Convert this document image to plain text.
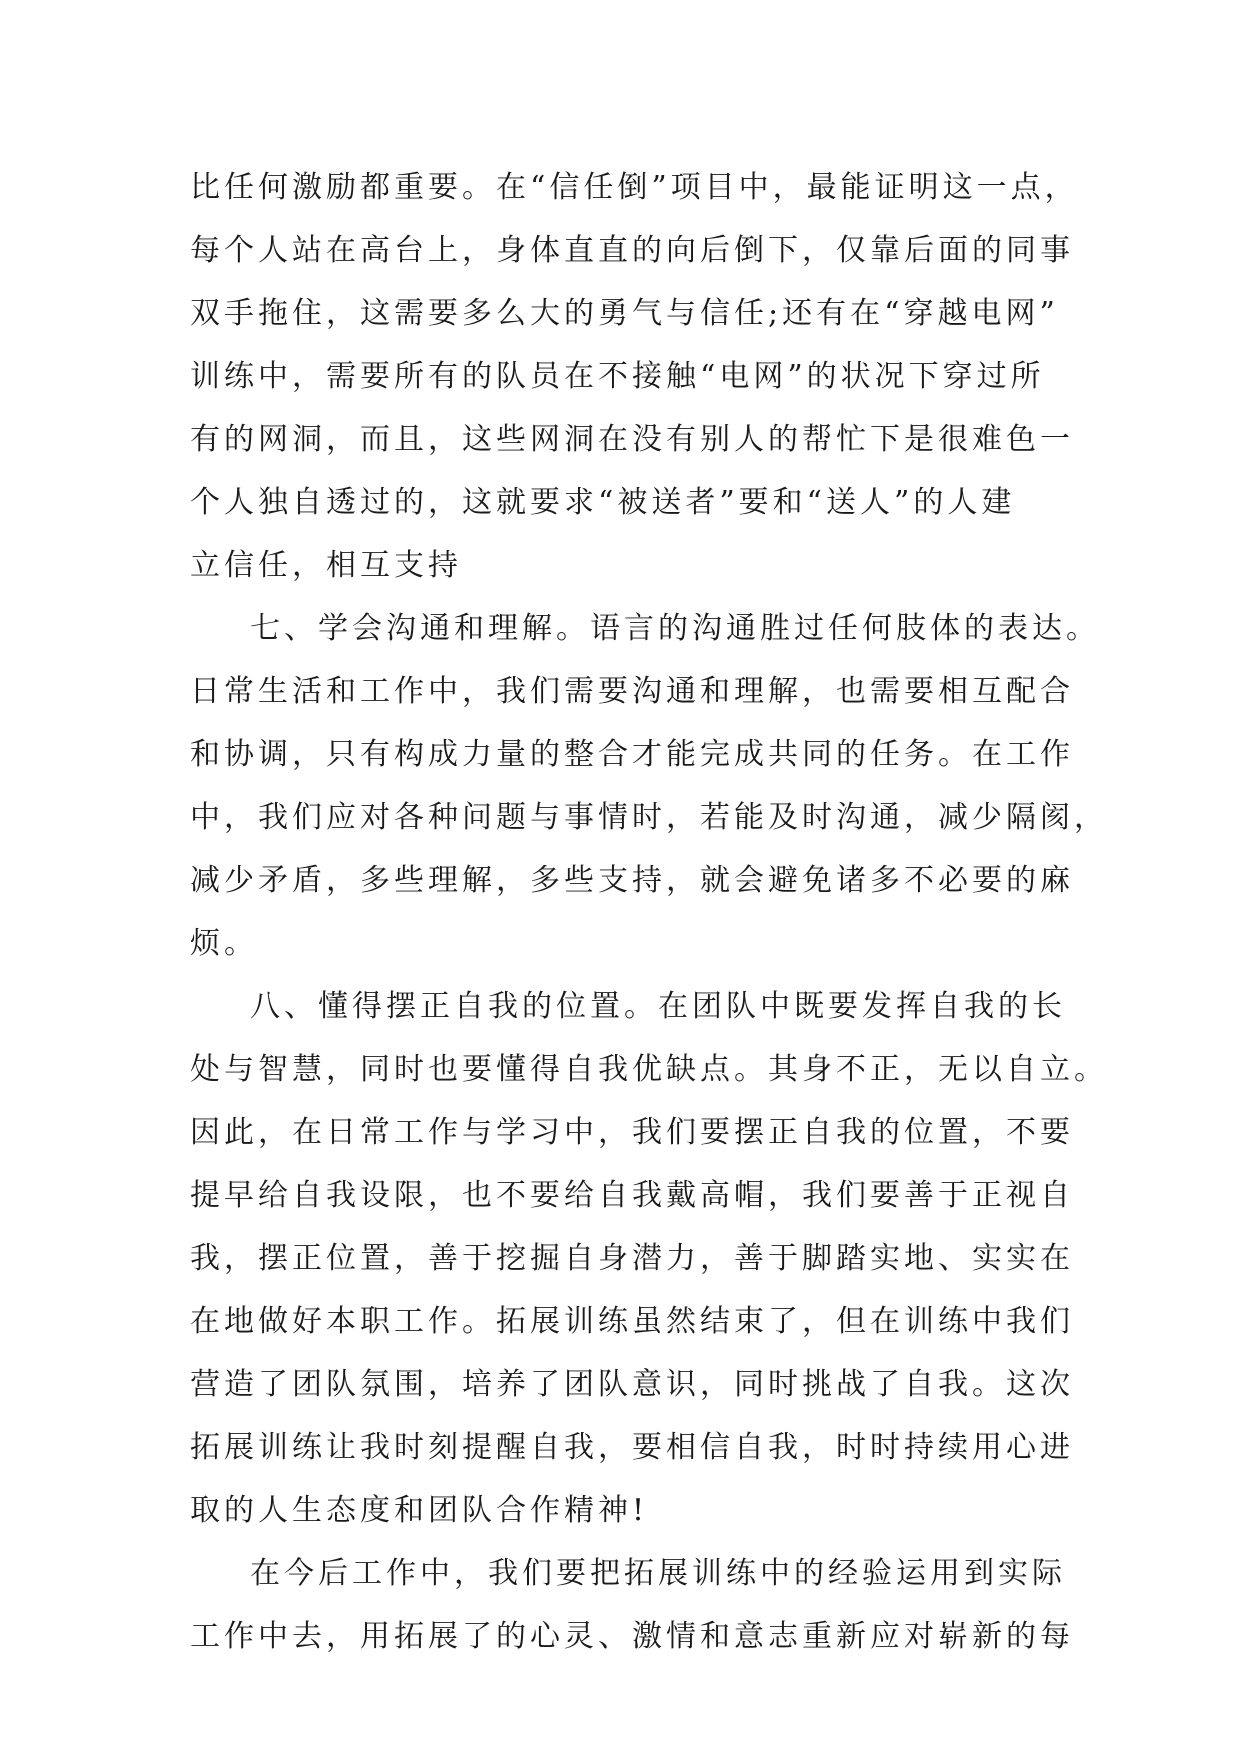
比任何激励都重要。在“信任倒”项目中，最能证明这一点，
每个人站在高台上，身体直直的向后倒下，仅靠后面的同事
双手拖住，这需要多么大的勇气与信任;还有在“穿越电网”
训练中，需要所有的队员在不接触“电网”的状况下穿过所
有的网洞，而且，这些网洞在没有别人的帮忙下是很难色一
个人独自透过的，这就要求“被送者”要和“送人”的人建
立信任，相互支持
七、学会沟通和理解。语言的沟通胜过任何肢体的表达。
日常生活和工作中，我们需要沟通和理解，也需要相互配合
和协调，只有构成力量的整合才能完成共同的任务。在工作
中，我们应对各种问题与事情时，若能及时沟通，减少隔阂，
减少矛盾，多些理解，多些支持，就会避免诸多不必要的麻
烦。
八、懂得摆正自我的位置。在团队中既要发挥自我的长
处与智慧，同时也要懂得自我优缺点。其身不正，无以自立。
因此，在日常工作与学习中，我们要摆正自我的位置，不要
提早给自我设限，也不要给自我戴高帽，我们要善于正视自
我，摆正位置，善于挖掘自身潜力，善于脚踏实地、实实在
在地做好本职工作。拓展训练虽然结束了，但在训练中我们
营造了团队氛围，培养了团队意识，同时挑战了自我。这次
拓展训练让我时刻提醒自我，要相信自我，时时持续用心进
取的人生态度和团队合作精神!
在今后工作中，我们要把拓展训练中的经验运用到实际
工作中去，用拓展了的心灵、激情和意志重新应对崭新的每
